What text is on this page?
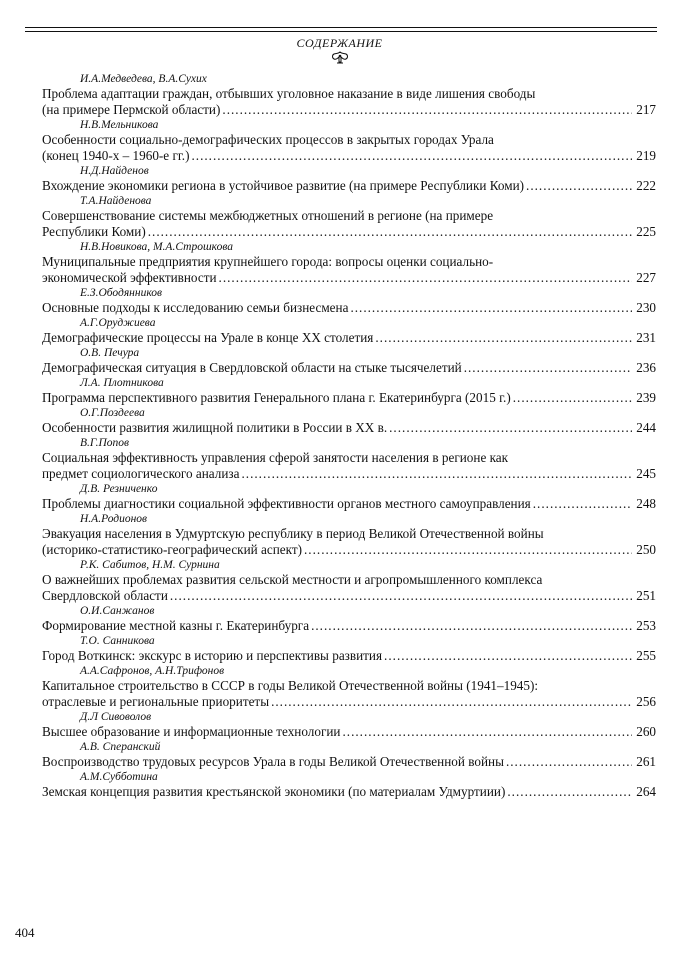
СОДЕРЖАНИЕ
И.А.Медведева, В.А.Сухих
Проблема адаптации граждан, отбывших уголовное наказание в виде лишения свободы
(на примере Пермской области) .....	217
Н.В.Мельникова
Особенности социально-демографических процессов в закрытых городах Урала
(конец 1940-х – 1960-е гг.) .....	219
Н.Д.Найденов
Вхождение экономики региона в устойчивое развитие (на примере Республики Коми) .....	222
Т.А.Найденова
Совершенствование системы межбюджетных отношений в регионе (на примере
Республики Коми) .....	225
Н.В.Новикова, М.А.Строшкова
Муниципальные предприятия крупнейшего города: вопросы оценки социально-
экономической эффективности .....	227
Е.З.Ободянников
Основные подходы к исследованию семьи бизнесмена .....	230
А.Г.Оруджиева
Демографические процессы на Урале в конце XX столетия .....	231
О.В. Печура
Демографическая ситуация в Свердловской области на стыке тысячелетий .....	236
Л.А. Плотникова
Программа перспективного развития Генерального плана г. Екатеринбурга (2015 г.) .....	239
О.Г.Поздеева
Особенности развития жилищной политики в России в XX в. .....	244
В.Г.Попов
Социальная эффективность управления сферой занятости населения в регионе как
предмет социологического анализа .....	245
Д.В. Резниченко
Проблемы диагностики социальной эффективности органов местного самоуправления .....	248
Н.А.Родионов
Эвакуация населения в Удмуртскую республику в период Великой Отечественной войны
(историко-статистико-географический аспект) .....	250
Р.К. Сабитов, Н.М. Сурнина
О важнейших проблемах развития сельской местности и агропромышленного комплекса
Свердловской области .....	251
О.И.Санжанов
Формирование местной казны г. Екатеринбурга .....	253
Т.О. Санникова
Город Воткинск: экскурс в историю и перспективы развития .....	255
А.А.Сафронов, А.Н.Трифонов
Капитальное строительство в СССР в годы Великой Отечественной войны (1941–1945):
отраслевые и региональные приоритеты .....	256
Д.Л Сивоволов
Высшее образование и информационные технологии .....	260
А.В. Сперанский
Воспроизводство трудовых ресурсов Урала в годы Великой Отечественной войны .....	261
А.М.Субботина
Земская концепция развития крестьянской экономики (по материалам Удмуртиии) .....	264
404
